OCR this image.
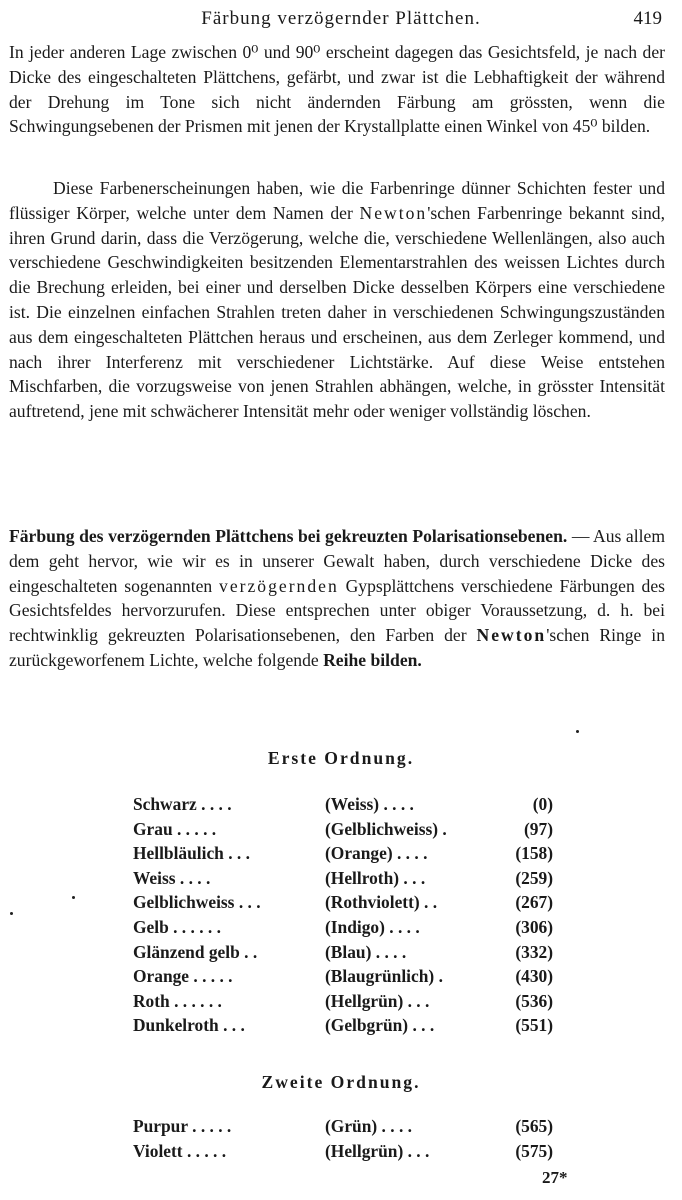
Färbung verzögernder Plättchen.	419

In jeder anderen Lage zwischen 0⁰ und 90⁰ erscheint dagegen das Gesichtsfeld, je nach der Dicke des eingeschalteten Plättchens, gefärbt, und zwar ist die Lebhaftigkeit der während der Drehung im Tone sich nicht ändernden Färbung am grössten, wenn die Schwingungsebenen der Prismen mit jenen der Krystallplatte einen Winkel von 45⁰ bilden.

Diese Farbenerscheinungen haben, wie die Farbenringe dünner Schichten fester und flüssiger Körper, welche unter dem Namen der Newton'schen Farbenringe bekannt sind, ihren Grund darin, dass die Verzögerung, welche die, verschiedene Wellenlängen, also auch verschiedene Geschwindigkeiten besitzenden Elementarstrahlen des weissen Lichtes durch die Brechung erleiden, bei einer und derselben Dicke desselben Körpers eine verschiedene ist. Die einzelnen einfachen Strahlen treten daher in verschiedenen Schwingungszuständen aus dem eingeschalteten Plättchen heraus und erscheinen, aus dem Zerleger kommend, und nach ihrer Interferenz mit verschiedener Lichtstärke. Auf diese Weise entstehen Mischfarben, die vorzugsweise von jenen Strahlen abhängen, welche, in grösster Intensität auftretend, jene mit schwächerer Intensität mehr oder weniger vollständig löschen.

Färbung des verzögernden Plättchens bei gekreuzten Polarisationsebenen. — Aus allem dem geht hervor, wie wir es in unserer Gewalt haben, durch verschiedene Dicke des eingeschalteten sogenannten verzögernden Gypsplättchens verschiedene Färbungen des Gesichtsfeldes hervorzurufen. Diese entsprechen unter obiger Voraussetzung, d. h. bei rechtwinklig gekreuzten Polarisationsebenen, den Farben der Newton'schen Ringe in zurückgeworfenem Lichte, welche folgende Reihe bilden.

Erste Ordnung.
Schwarz . . . .	(Weiss) . . . .	(0)
Grau . . . . .	(Gelblichweiss) .	(97)
Hellbläulich . . .	(Orange) . . . .	(158)
Weiss . . . .	(Hellroth) . . .	(259)
Gelblichweiss . . .	(Rothviolett) . .	(267)
Gelb . . . . . .	(Indigo) . . . .	(306)
Glänzend gelb . .	(Blau) . . . .	(332)
Orange . . . . .	(Blaugrünlich) .	(430)
Roth . . . . . .	(Hellgrün) . . .	(536)
Dunkelroth . . .	(Gelbgrün) . . .	(551)
Zweite Ordnung.
Purpur . . . . .	(Grün) . . . .	(565)
Violett . . . . .	(Hellgrün) . . .	(575)
27*
